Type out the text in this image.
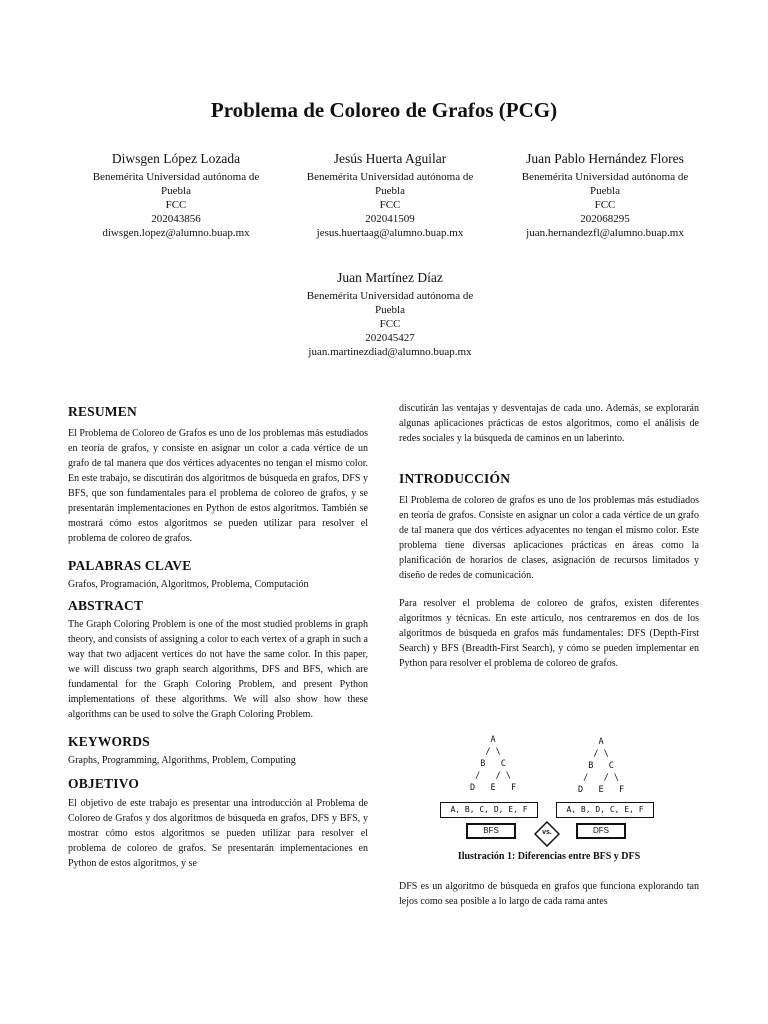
Problema de Coloreo de Grafos (PCG)
Diwsgen López Lozada
Benemérita Universidad autónoma de
Puebla
FCC
202043856
diwsgen.lopez@alumno.buap.mx
Jesús Huerta Aguilar
Benemérita Universidad autónoma de
Puebla
FCC
202041509
jesus.huertaag@alumno.buap.mx
Juan Pablo Hernández Flores
Benemérita Universidad autónoma de
Puebla
FCC
202068295
juan.hernandezfl@alumno.buap.mx
Juan Martínez Díaz
Benemérita Universidad autónoma de
Puebla
FCC
202045427
juan.martinezdiad@alumno.buap.mx
RESUMEN

El Problema de Coloreo de Grafos es uno de los problemas más estudiados en teoría de grafos, y consiste en asignar un color a cada vértice de un grafo de tal manera que dos vértices adyacentes no tengan el mismo color. En este trabajo, se discutirán dos algoritmos de búsqueda en grafos, DFS y BFS, que son fundamentales para el problema de coloreo de grafos, y se presentarán implementaciones en Python de estos algoritmos. También se mostrará cómo estos algoritmos se pueden utilizar para resolver el problema de coloreo de grafos.

PALABRAS CLAVE

Grafos, Programación, Algoritmos, Problema, Computación

ABSTRACT

The Graph Coloring Problem is one of the most studied problems in graph theory, and consists of assigning a color to each vertex of a graph in such a way that two adjacent vertices do not have the same color. In this paper, we will discuss two graph search algorithms, DFS and BFS, which are fundamental for the Graph Coloring Problem, and present Python implementations of these algorithms. We will also show how these algorithms can be used to solve the Graph Coloring Problem.

KEYWORDS

Graphs, Programming, Algorithms, Problem, Computing

OBJETIVO

El objetivo de este trabajo es presentar una introducción al Problema de Coloreo de Grafos y dos algoritmos de búsqueda en grafos, DFS y BFS, y mostrar cómo estos algoritmos se pueden utilizar para resolver el problema de coloreo de grafos. Se presentarán implementaciones en Python de estos algoritmos, y se

discutirán las ventajas y desventajas de cada uno. Además, se explorarán algunas aplicaciones prácticas de estos algoritmos, como el análisis de redes sociales y la búsqueda de caminos en un laberinto.

INTRODUCCIÓN

El Problema de coloreo de grafos es uno de los problemas más estudiados en teoría de grafos. Consiste en asignar un color a cada vértice de un grafo de tal manera que dos vértices adyacentes no tengan el mismo color. Este problema tiene diversas aplicaciones prácticas en áreas como la planificación de horarios de clases, asignación de recursos limitados y diseño de redes de comunicación.

Para resolver el problema de coloreo de grafos, existen diferentes algoritmos y técnicas. En este artículo, nos centraremos en dos de los algoritmos de búsqueda en grafos más fundamentales: DFS (Depth-First Search) y BFS (Breadth-First Search), y cómo se pueden implementar en Python para resolver el problema de coloreo de grafos.

A
/ \
B   C
/   / \
D   E   F
A
/ \
B   C
/   / \
D   E   F
A, B, C, D, E, F	A, B, D, C, E, F
BFS	vs.	DFS
Ilustración 1: Diferencias entre BFS y DFS

DFS es un algoritmo de búsqueda en grafos que funciona explorando tan lejos como sea posible a lo largo de cada rama antes
